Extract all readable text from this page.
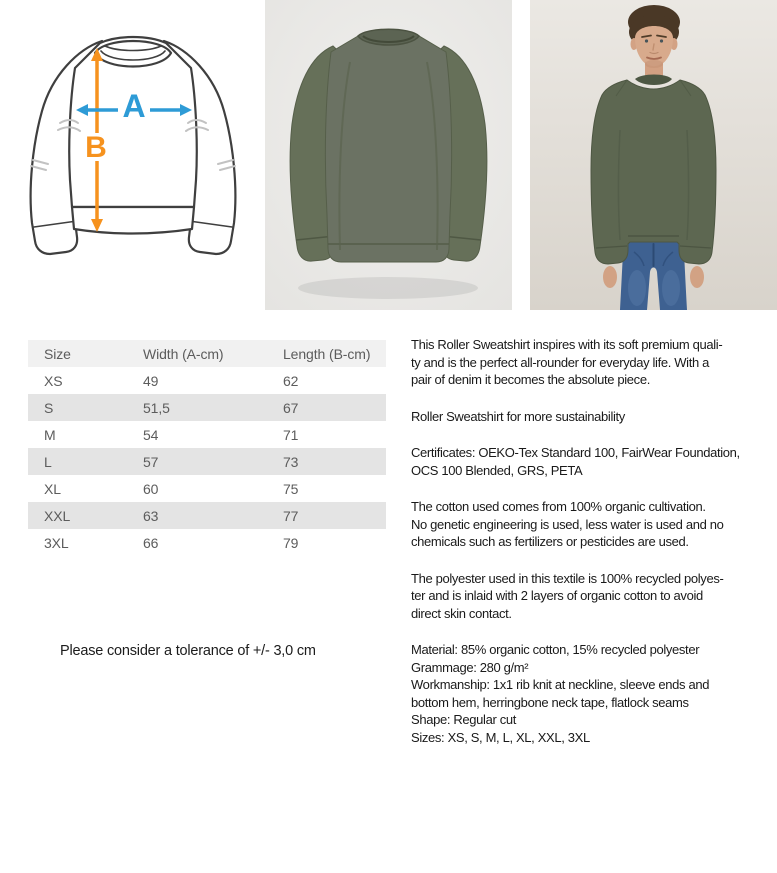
B
A
Size	Width (A-cm)	Length (B-cm)
XS	49	62
S	51,5	67
M	54	71
L	57	73
XL	60	75
XXL	63	77
3XL	66	79
Please consider a tolerance of +/- 3,0 cm
This Roller Sweatshirt inspires with its soft premium quali-
ty and is the perfect all-rounder for everyday life. With a
pair of denim it becomes the absolute piece.
Roller Sweatshirt for more sustainability
Certificates: OEKO-Tex Standard 100, FairWear Foundation,
OCS 100 Blended, GRS, PETA
The cotton used comes from 100% organic cultivation.
No genetic engineering is used, less water is used and no
chemicals such as fertilizers or pesticides are used.
The polyester used in this textile is 100% recycled polyes-
ter and is inlaid with 2 layers of organic cotton to avoid
direct skin contact.
Material: 85% organic cotton, 15% recycled polyester
Grammage: 280 g/m²
Workmanship: 1x1 rib knit at neckline, sleeve ends and
bottom hem, herringbone neck tape, flatlock seams
Shape: Regular cut
Sizes: XS, S, M, L, XL, XXL, 3XL
